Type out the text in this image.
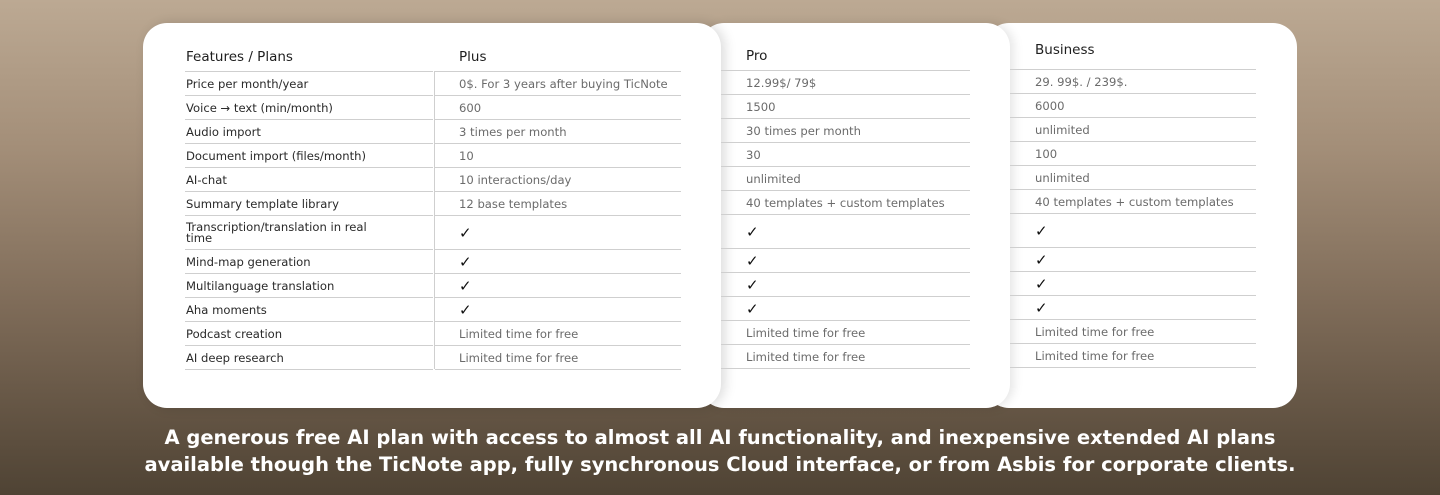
Features / Plans	Plus	Pro	Business
Price per month/year	0$. For 3 years after buying TicNote	12.99$/ 79$	29. 99$. / 239$.
Voice → text (min/month)	600	1500	6000
Audio import	3 times per month	30 times per month	unlimited
Document import (files/month)	10	30	100
AI-chat	10 interactions/day	unlimited	unlimited
Summary template library	12 base templates	40 templates + custom templates	40 templates + custom templates
Transcription/translation in real time	✓	✓	✓
Mind-map generation	✓	✓	✓
Multilanguage translation	✓	✓	✓
Aha moments	✓	✓	✓
Podcast creation	Limited time for free	Limited time for free	Limited time for free
AI deep research	Limited time for free	Limited time for free	Limited time for free
A generous free AI plan with access to almost all AI functionality, and inexpensive extended AI plans
available though the TicNote app, fully synchronous Cloud interface, or from Asbis for corporate clients.
